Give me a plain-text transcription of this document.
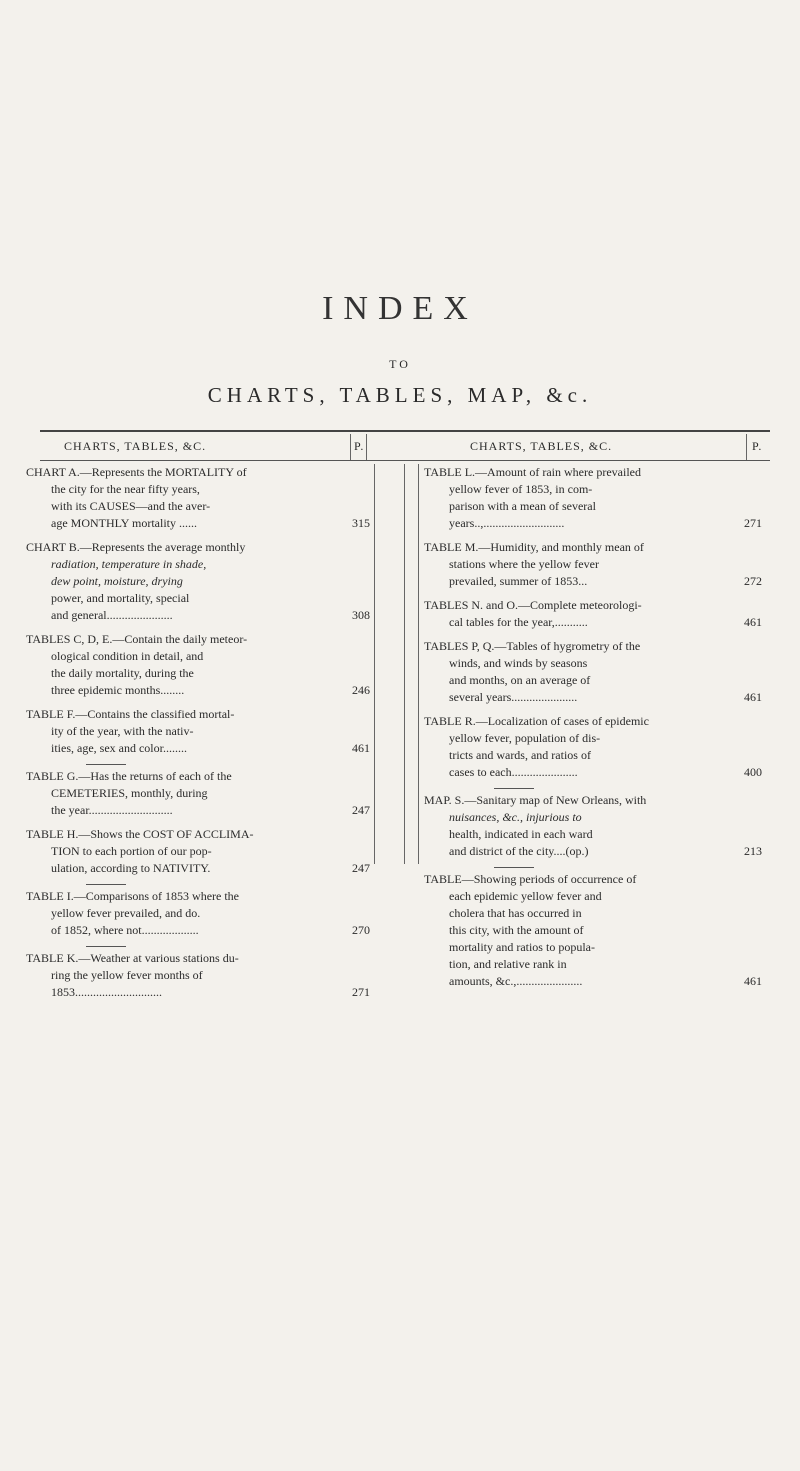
INDEX
TO
CHARTS, TABLES, MAP, &c.
CHARTS, TABLES, &C.	P.	CHARTS, TABLES, &C.	P.
CHART A.—Represents the MORTALITY of
the city for the near fifty years,
with its CAUSES—and the aver-
age MONTHLY mortality ......	315
CHART B.—Represents the average monthly
radiation, temperature in shade,
dew point, moisture, drying
power, and mortality, special
and general......................	308
TABLES C, D, E.—Contain the daily meteor-
ological condition in detail, and
the daily mortality, during the
three epidemic months........	246
TABLE F.—Contains the classified mortal-
ity of the year, with the nativ-
ities, age, sex and color........	461
TABLE G.—Has the returns of each of the
CEMETERIES, monthly, during
the year............................	247
TABLE H.—Shows the COST OF ACCLIMA-
TION to each portion of our pop-
ulation, according to NATIVITY.	247
TABLE I.—Comparisons of 1853 where the
yellow fever prevailed, and do.
of 1852, where not...................	270
TABLE K.—Weather at various stations du-
ring the yellow fever months of
1853.............................	271
TABLE L.—Amount of rain where prevailed
yellow fever of 1853, in com-
parison with a mean of several
years..,...........................	271
TABLE M.—Humidity, and monthly mean of
stations where the yellow fever
prevailed, summer of 1853...	272
TABLES N. and O.—Complete meteorologi-
cal tables for the year,...........	461
TABLES P, Q.—Tables of hygrometry of the
winds, and winds by seasons
and months, on an average of
several years......................	461
TABLE R.—Localization of cases of epidemic
yellow fever, population of dis-
tricts and wards, and ratios of
cases to each......................	400
MAP. S.—Sanitary map of New Orleans, with
nuisances, &c., injurious to
health, indicated in each ward
and district of the city....(op.)	213
TABLE—Showing periods of occurrence of
each epidemic yellow fever and
cholera that has occurred in
this city, with the amount of
mortality and ratios to popula-
tion, and relative rank in
amounts, &c.,......................	461
